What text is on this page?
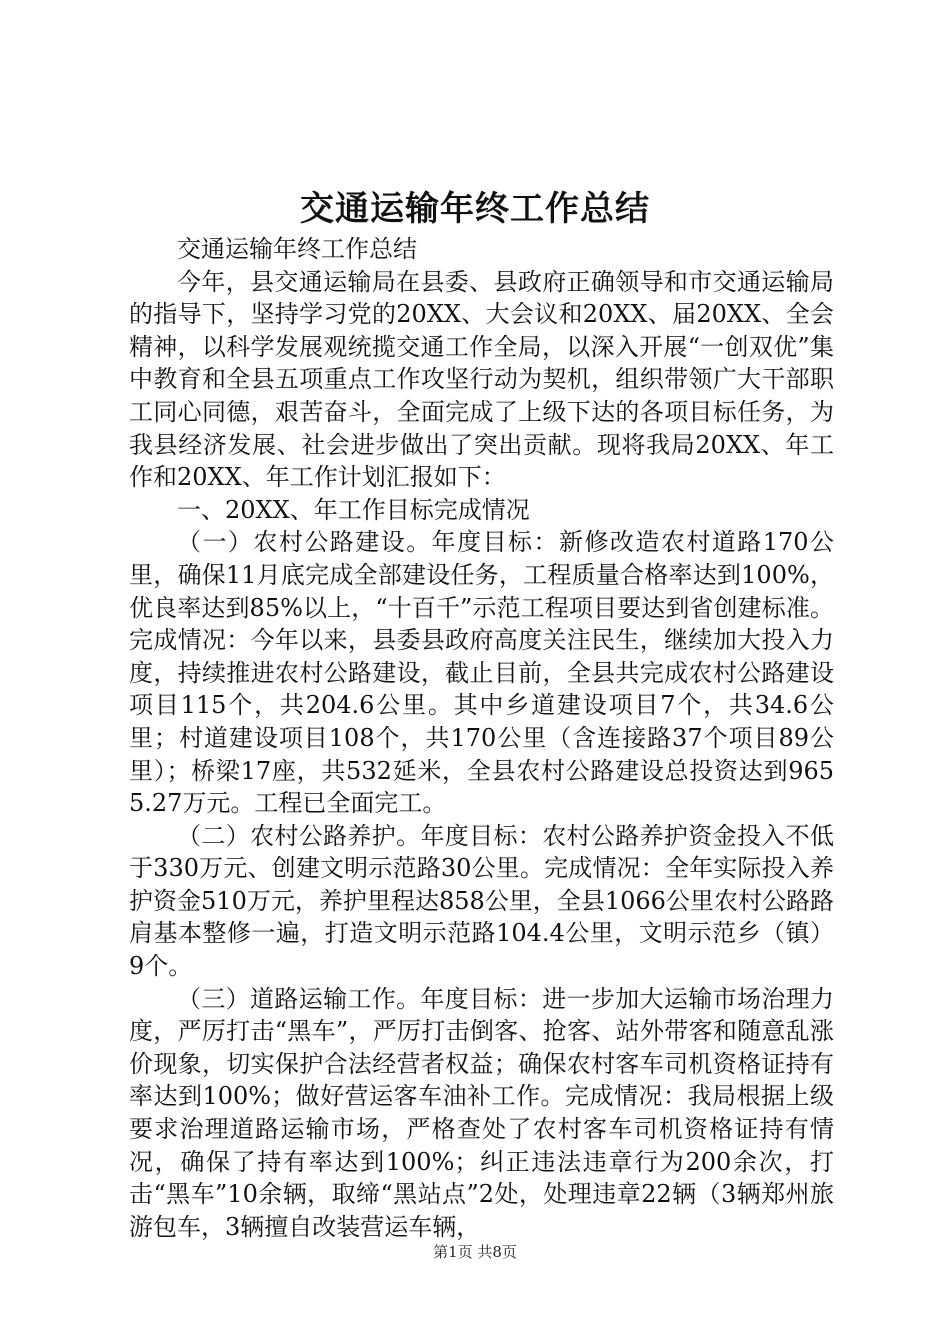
交通运输年终工作总结

交通运输年终工作总结

今年，县交通运输局在县委、县政府正确领导和市交通运输局的指导下，坚持学习党的20XX、大会议和20XX、届20XX、全会精神，以科学发展观统揽交通工作全局，以深入开展“一创双优”集中教育和全县五项重点工作攻坚行动为契机，组织带领广大干部职工同心同德，艰苦奋斗，全面完成了上级下达的各项目标任务，为我县经济发展、社会进步做出了突出贡献。现将我局20XX、年工作和20XX、年工作计划汇报如下：

一、20XX、年工作目标完成情况

（一）农村公路建设。年度目标：新修改造农村道路170公里，确保11月底完成全部建设任务，工程质量合格率达到100%，优良率达到85%以上，“十百千”示范工程项目要达到省创建标准。完成情况：今年以来，县委县政府高度关注民生，继续加大投入力度，持续推进农村公路建设，截止目前，全县共完成农村公路建设项目115个，共204.6公里。其中乡道建设项目7个，共34.6公里；村道建设项目108个，共170公里（含连接路37个项目89公里）；桥梁17座，共532延米，全县农村公路建设总投资达到9655.27万元。工程已全面完工。

（二）农村公路养护。年度目标：农村公路养护资金投入不低于330万元、创建文明示范路30公里。完成情况：全年实际投入养护资金510万元，养护里程达858公里，全县1066公里农村公路路肩基本整修一遍，打造文明示范路104.4公里，文明示范乡（镇）9个。

（三）道路运输工作。年度目标：进一步加大运输市场治理力度，严厉打击“黑车”，严厉打击倒客、抢客、站外带客和随意乱涨价现象，切实保护合法经营者权益；确保农村客车司机资格证持有率达到100%；做好营运客车油补工作。完成情况：我局根据上级要求治理道路运输市场，严格查处了农村客车司机资格证持有情况，确保了持有率达到100%；纠正违法违章行为200余次，打击“黑车”10余辆，取缔“黑站点”2处，处理违章22辆（3辆郑州旅游包车，3辆擅自改装营运车辆，

第1页 共8页
